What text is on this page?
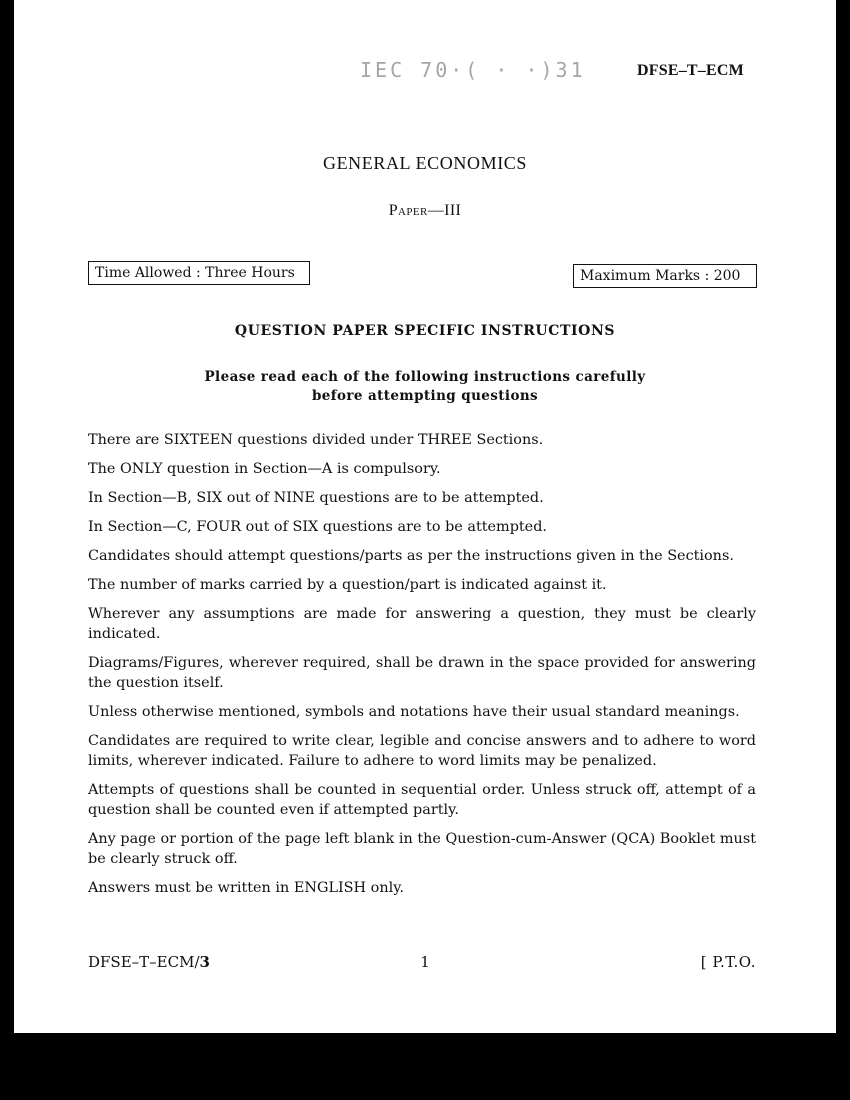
IEC 70·( · ·)31	DFSE–T–ECM
GENERAL ECONOMICS
Paper—III
Time Allowed : Three Hours	Maximum Marks : 200
QUESTION PAPER SPECIFIC INSTRUCTIONS
Please read each of the following instructions carefully
before attempting questions
There are SIXTEEN questions divided under THREE Sections.
The ONLY question in Section—A is compulsory.
In Section—B, SIX out of NINE questions are to be attempted.
In Section—C, FOUR out of SIX questions are to be attempted.
Candidates should attempt questions/parts as per the instructions given in the Sections.
The number of marks carried by a question/part is indicated against it.
Wherever any assumptions are made for answering a question, they must be clearly indicated.
Diagrams/Figures, wherever required, shall be drawn in the space provided for answering the question itself.
Unless otherwise mentioned, symbols and notations have their usual standard meanings.
Candidates are required to write clear, legible and concise answers and to adhere to word limits, wherever indicated. Failure to adhere to word limits may be penalized.
Attempts of questions shall be counted in sequential order. Unless struck off, attempt of a question shall be counted even if attempted partly.
Any page or portion of the page left blank in the Question-cum-Answer (QCA) Booklet must be clearly struck off.
Answers must be written in ENGLISH only.
DFSE–T–ECM/3	1	[ P.T.O.
